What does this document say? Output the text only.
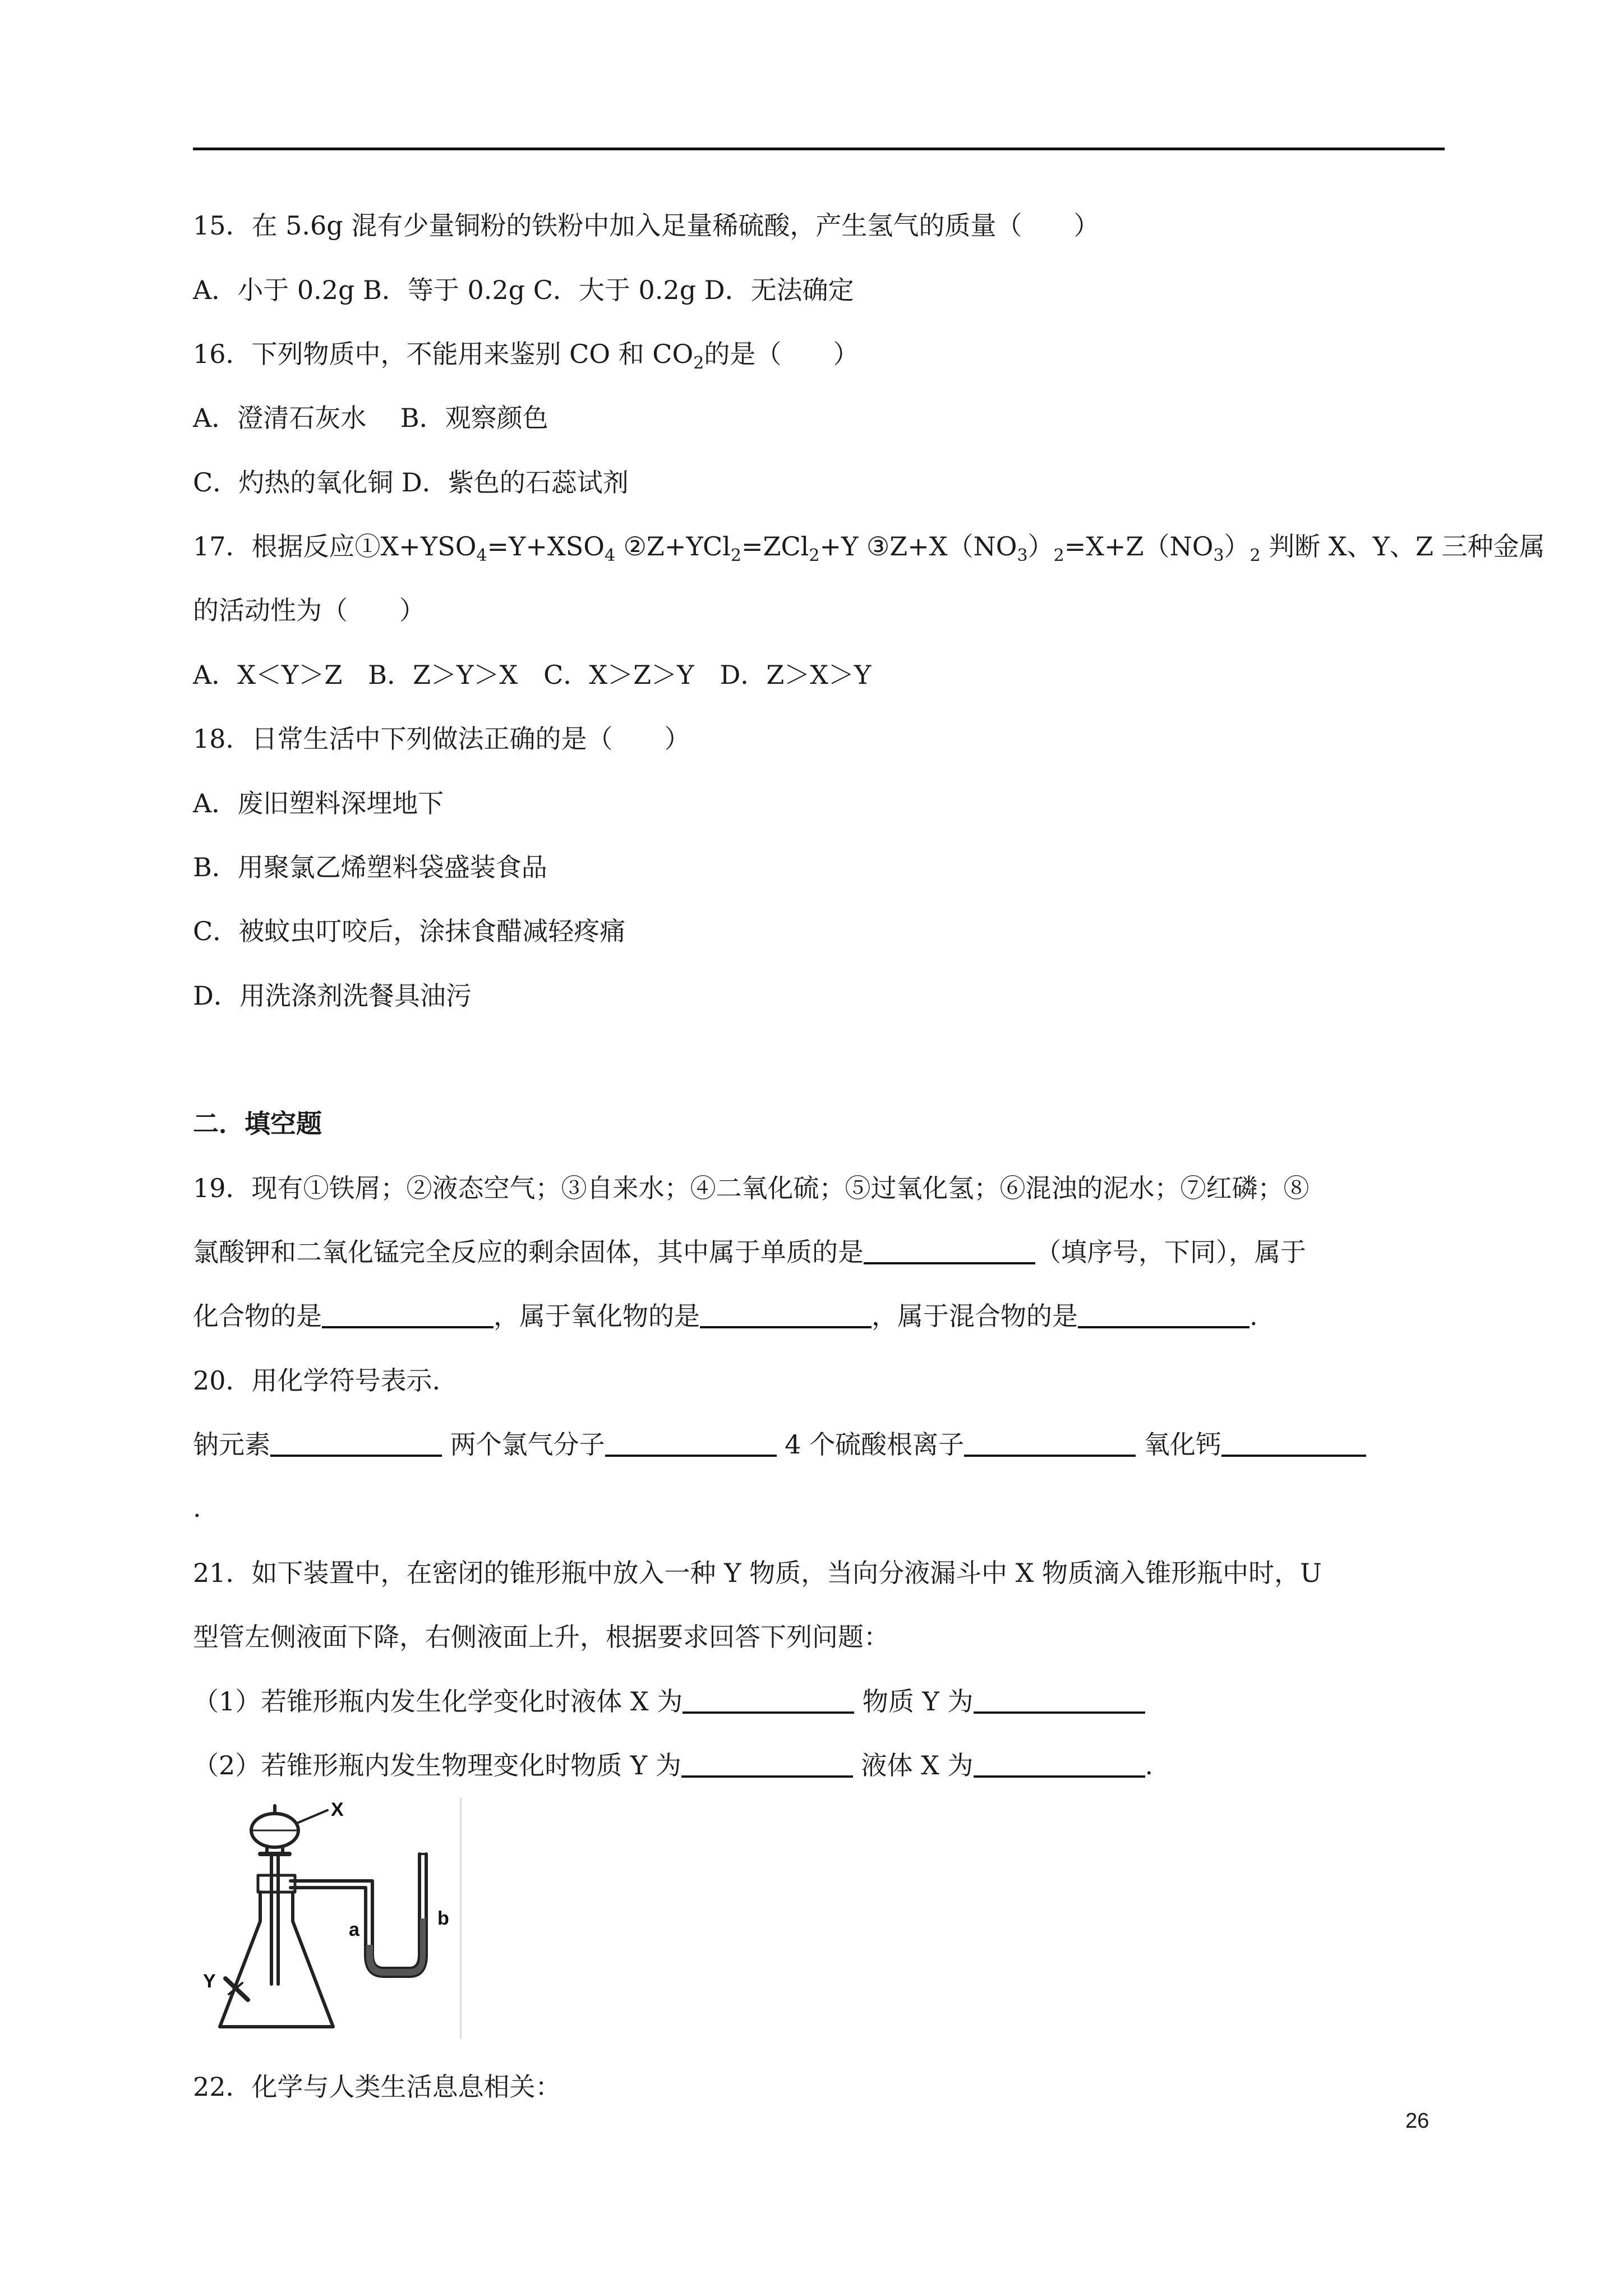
15．在 5.6g 混有少量铜粉的铁粉中加入足量稀硫酸，产生氢气的质量（　　）
A．小于 0.2g B．等于 0.2g C．大于 0.2g D．无法确定
16．下列物质中，不能用来鉴别 CO 和 $CO_2$的是（　　）
A．澄清石灰水　 B．观察颜色
C．灼热的氧化铜 D．紫色的石蕊试剂
17．根据反应$①X+YSO_4=Y+XSO_4$ ②Z+YCl$_2$=ZCl$_2$+Y $③Z+X(NO_3)_2=X+Z(NO_3)_2$ 判断 X、Y、Z 三种金属
的活动性为（　　）
A．X＜Y＞Z　B．Z＞Y＞X　C．X＞Z＞Y　D．Z＞X＞Y
18．日常生活中下列做法正确的是（　　）
A．废旧塑料深埋地下
B．用聚氯乙烯塑料袋盛装食品
C．被蚊虫叮咬后，涂抹食醋减轻疼痛
D．用洗涤剂洗餐具油污
二．填空题
19．现有①铁屑；②液态空气；③自来水；④二氧化硫；⑤过氧化氢；⑥混浊的泥水；⑦红磷；⑧
氯酸钾和二氧化锰完全反应的剩余固体，其中属于单质的是	（填序号，下同），属于
化合物的是	，属于氧化物的是	，属于混合物的是	.
20．用化学符号表示.
钠元素	两个氯气分子	4 个硫酸根离子	氧化钙
.
21．如下装置中，在密闭的锥形瓶中放入一种 Y 物质，当向分液漏斗中 X 物质滴入锥形瓶中时，U
型管左侧液面下降，右侧液面上升，根据要求回答下列问题：
（1）若锥形瓶内发生化学变化时液体 X 为	物质 Y 为
（2）若锥形瓶内发生物理变化时物质 Y 为	液体 X 为	.
X
Y
a
b
22．化学与人类生活息息相关：
26
